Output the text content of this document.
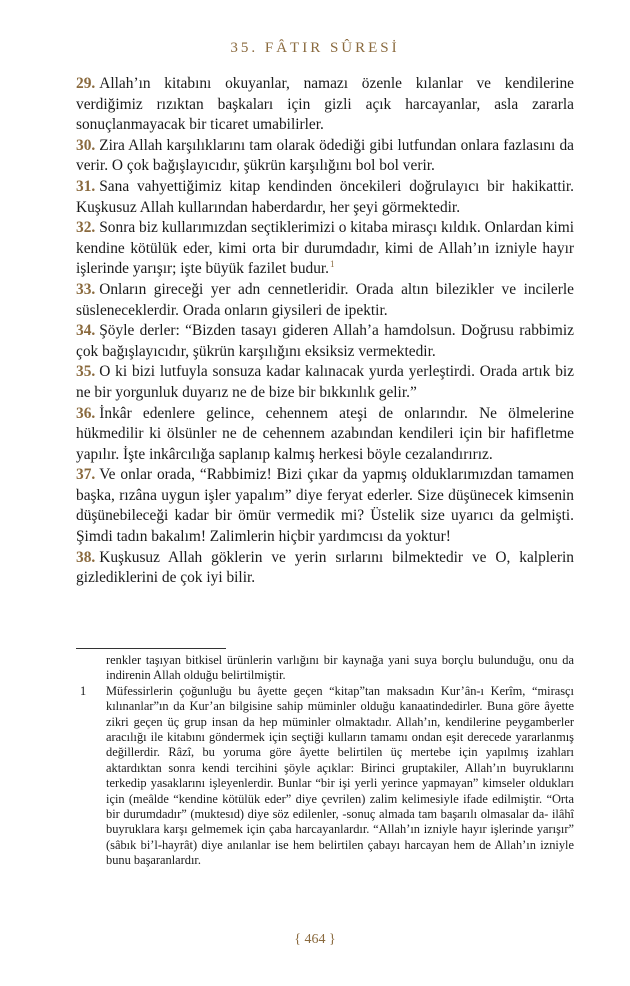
35. FÂTIR SÛRESİ

29. Allah’ın kitabını okuyanlar, namazı özenle kılanlar ve kendilerine verdiğimiz rızıktan başkaları için gizli açık harcayanlar, asla zararla sonuçlanmayacak bir ticaret umabilirler.

30. Zira Allah karşılıklarını tam olarak ödediği gibi lutfundan onlara fazlasını da verir. O çok bağışlayıcıdır, şükrün karşılığını bol bol verir.

31. Sana vahyettiğimiz kitap kendinden öncekileri doğrulayıcı bir hakikattir. Kuşkusuz Allah kullarından haberdardır, her şeyi görmektedir.

32. Sonra biz kullarımızdan seçtiklerimizi o kitaba mirasçı kıldık. Onlardan kimi kendine kötülük eder, kimi orta bir durumdadır, kimi de Allah’ın izniyle hayır işlerinde yarışır; işte büyük fazilet budur.$^1$

33. Onların gireceği yer adn cennetleridir. Orada altın bilezikler ve incilerle süsleneceklerdir. Orada onların giysileri de ipektir.

34. Şöyle derler: “Bizden tasayı gideren Allah’a hamdolsun. Doğrusu rabbimiz çok bağışlayıcıdır, şükrün karşılığını eksiksiz vermektedir.

35. O ki bizi lutfuyla sonsuza kadar kalınacak yurda yerleştirdi. Orada artık biz ne bir yorgunluk duyarız ne de bize bir bıkkınlık gelir.”

36. İnkâr edenlere gelince, cehennem ateşi de onlarındır. Ne ölmelerine hükmedilir ki ölsünler ne de cehennem azabından kendileri için bir hafifletme yapılır. İşte inkârcılığa saplanıp kalmış herkesi böyle cezalandırırız.

37. Ve onlar orada, “Rabbimiz! Bizi çıkar da yapmış olduklarımızdan tamamen başka, rızâna uygun işler yapalım” diye feryat ederler. Size düşünecek kimsenin düşünebileceği kadar bir ömür vermedik mi? Üstelik size uyarıcı da gelmişti. Şimdi tadın bakalım! Zalimlerin hiçbir yardımcısı da yoktur!

38. Kuşkusuz Allah göklerin ve yerin sırlarını bilmektedir ve O, kalplerin gizlediklerini de çok iyi bilir.

renkler taşıyan bitkisel ürünlerin varlığını bir kaynağa yani suya borçlu bulunduğu, onu da indirenin Allah olduğu belirtilmiştir.

1 Müfessirlerin çoğunluğu bu âyette geçen “kitap”tan maksadın Kur’ân-ı Kerîm, “mirasçı kılınanlar”ın da Kur’an bilgisine sahip müminler olduğu kanaatindedirler. Buna göre âyette zikri geçen üç grup insan da hep müminler olmaktadır. Allah’ın, kendilerine peygamberler aracılığı ile kitabını göndermek için seçtiği kulların tamamı ondan eşit derecede yararlanmış değillerdir. Râzî, bu yoruma göre âyette belirtilen üç mertebe için yapılmış izahları aktardıktan sonra kendi tercihini şöyle açıklar: Birinci gruptakiler, Allah’ın buyruklarını terkedip yasaklarını işleyenlerdir. Bunlar “bir işi yerli yerince yapmayan” kimseler oldukları için (meâlde “kendine kötülük eder” diye çevrilen) zalim kelimesiyle ifade edilmiştir. “Orta bir durumdadır” (muktesıd) diye söz edilenler, -sonuç almada tam başarılı olmasalar da- ilâhî buyruklara karşı gelmemek için çaba harcayanlardır. “Allah’ın izniyle hayır işlerinde yarışır” (sâbık bi’l-hayrât) diye anılanlar ise hem belirtilen çabayı harcayan hem de Allah’ın izniyle bunu başaranlardır.

{ 464 }
